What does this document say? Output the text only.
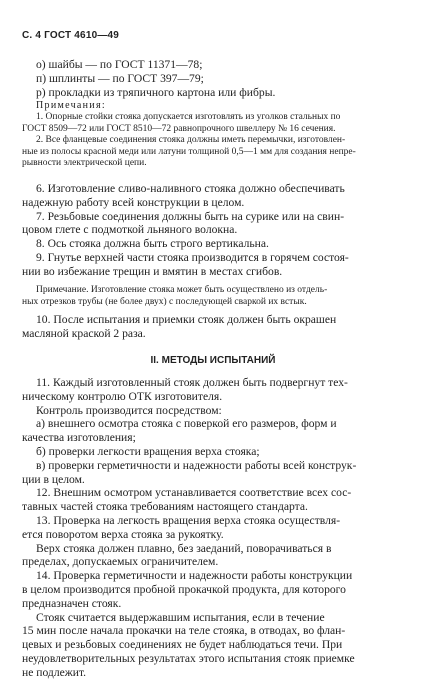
С. 4 ГОСТ 4610—49

о) шайбы — по ГОСТ 11371—78;

п) шплинты — по ГОСТ 397—79;

р) прокладки из тряпичного картона или фибры.

Примечания:

1. Опорные стойки стояка допускается изготовлять из уголков стальных по

ГОСТ 8509—72 или ГОСТ 8510—72 равнопрочного швеллеру № 16 сечения.

2. Все фланцевые соединения стояка должны иметь перемычки, изготовлен-

ные из полосы красной меди или латуни толщиной 0,5—1 мм для создания непре-

рывности электрической цепи.

6. Изготовление сливо-наливного стояка должно обеспечивать

надежную работу всей конструкции в целом.

7. Резьбовые соединения должны быть на сурике или на свин-

цовом глете с подмоткой льняного волокна.

8. Ось стояка должна быть строго вертикальна.

9. Гнутье верхней части стояка производится в горячем состоя-

нии во избежание трещин и вмятин в местах сгибов.

Примечание. Изготовление стояка может быть осуществлено из отдель-

ных отрезков трубы (не более двух) с последующей сваркой их встык.

10. После испытания и приемки стояк должен быть окрашен

масляной краской 2 раза.

II. МЕТОДЫ ИСПЫТАНИЙ

11. Каждый изготовленный стояк должен быть подвергнут тех-

ническому контролю ОТК изготовителя.

Контроль производится посредством:

а) внешнего осмотра стояка с поверкой его размеров, форм и

качества изготовления;

б) проверки легкости вращения верха стояка;

в) проверки герметичности и надежности работы всей конструк-

ции в целом.

12. Внешним осмотром устанавливается соответствие всех сос-

тавных частей стояка требованиям настоящего стандарта.

13. Проверка на легкость вращения верха стояка осуществля-

ется поворотом верха стояка за рукоятку.

Верх стояка должен плавно, без заеданий, поворачиваться в

пределах, допускаемых ограничителем.

14. Проверка герметичности и надежности работы конструкции

в целом производится пробной прокачкой продукта, для которого

предназначен стояк.

Стояк считается выдержавшим испытания, если в течение

15 мин после начала прокачки на теле стояка, в отводах, во флан-

цевых и резьбовых соединениях не будет наблюдаться течи. При

неудовлетворительных результатах этого испытания стояк приемке

не подлежит.
